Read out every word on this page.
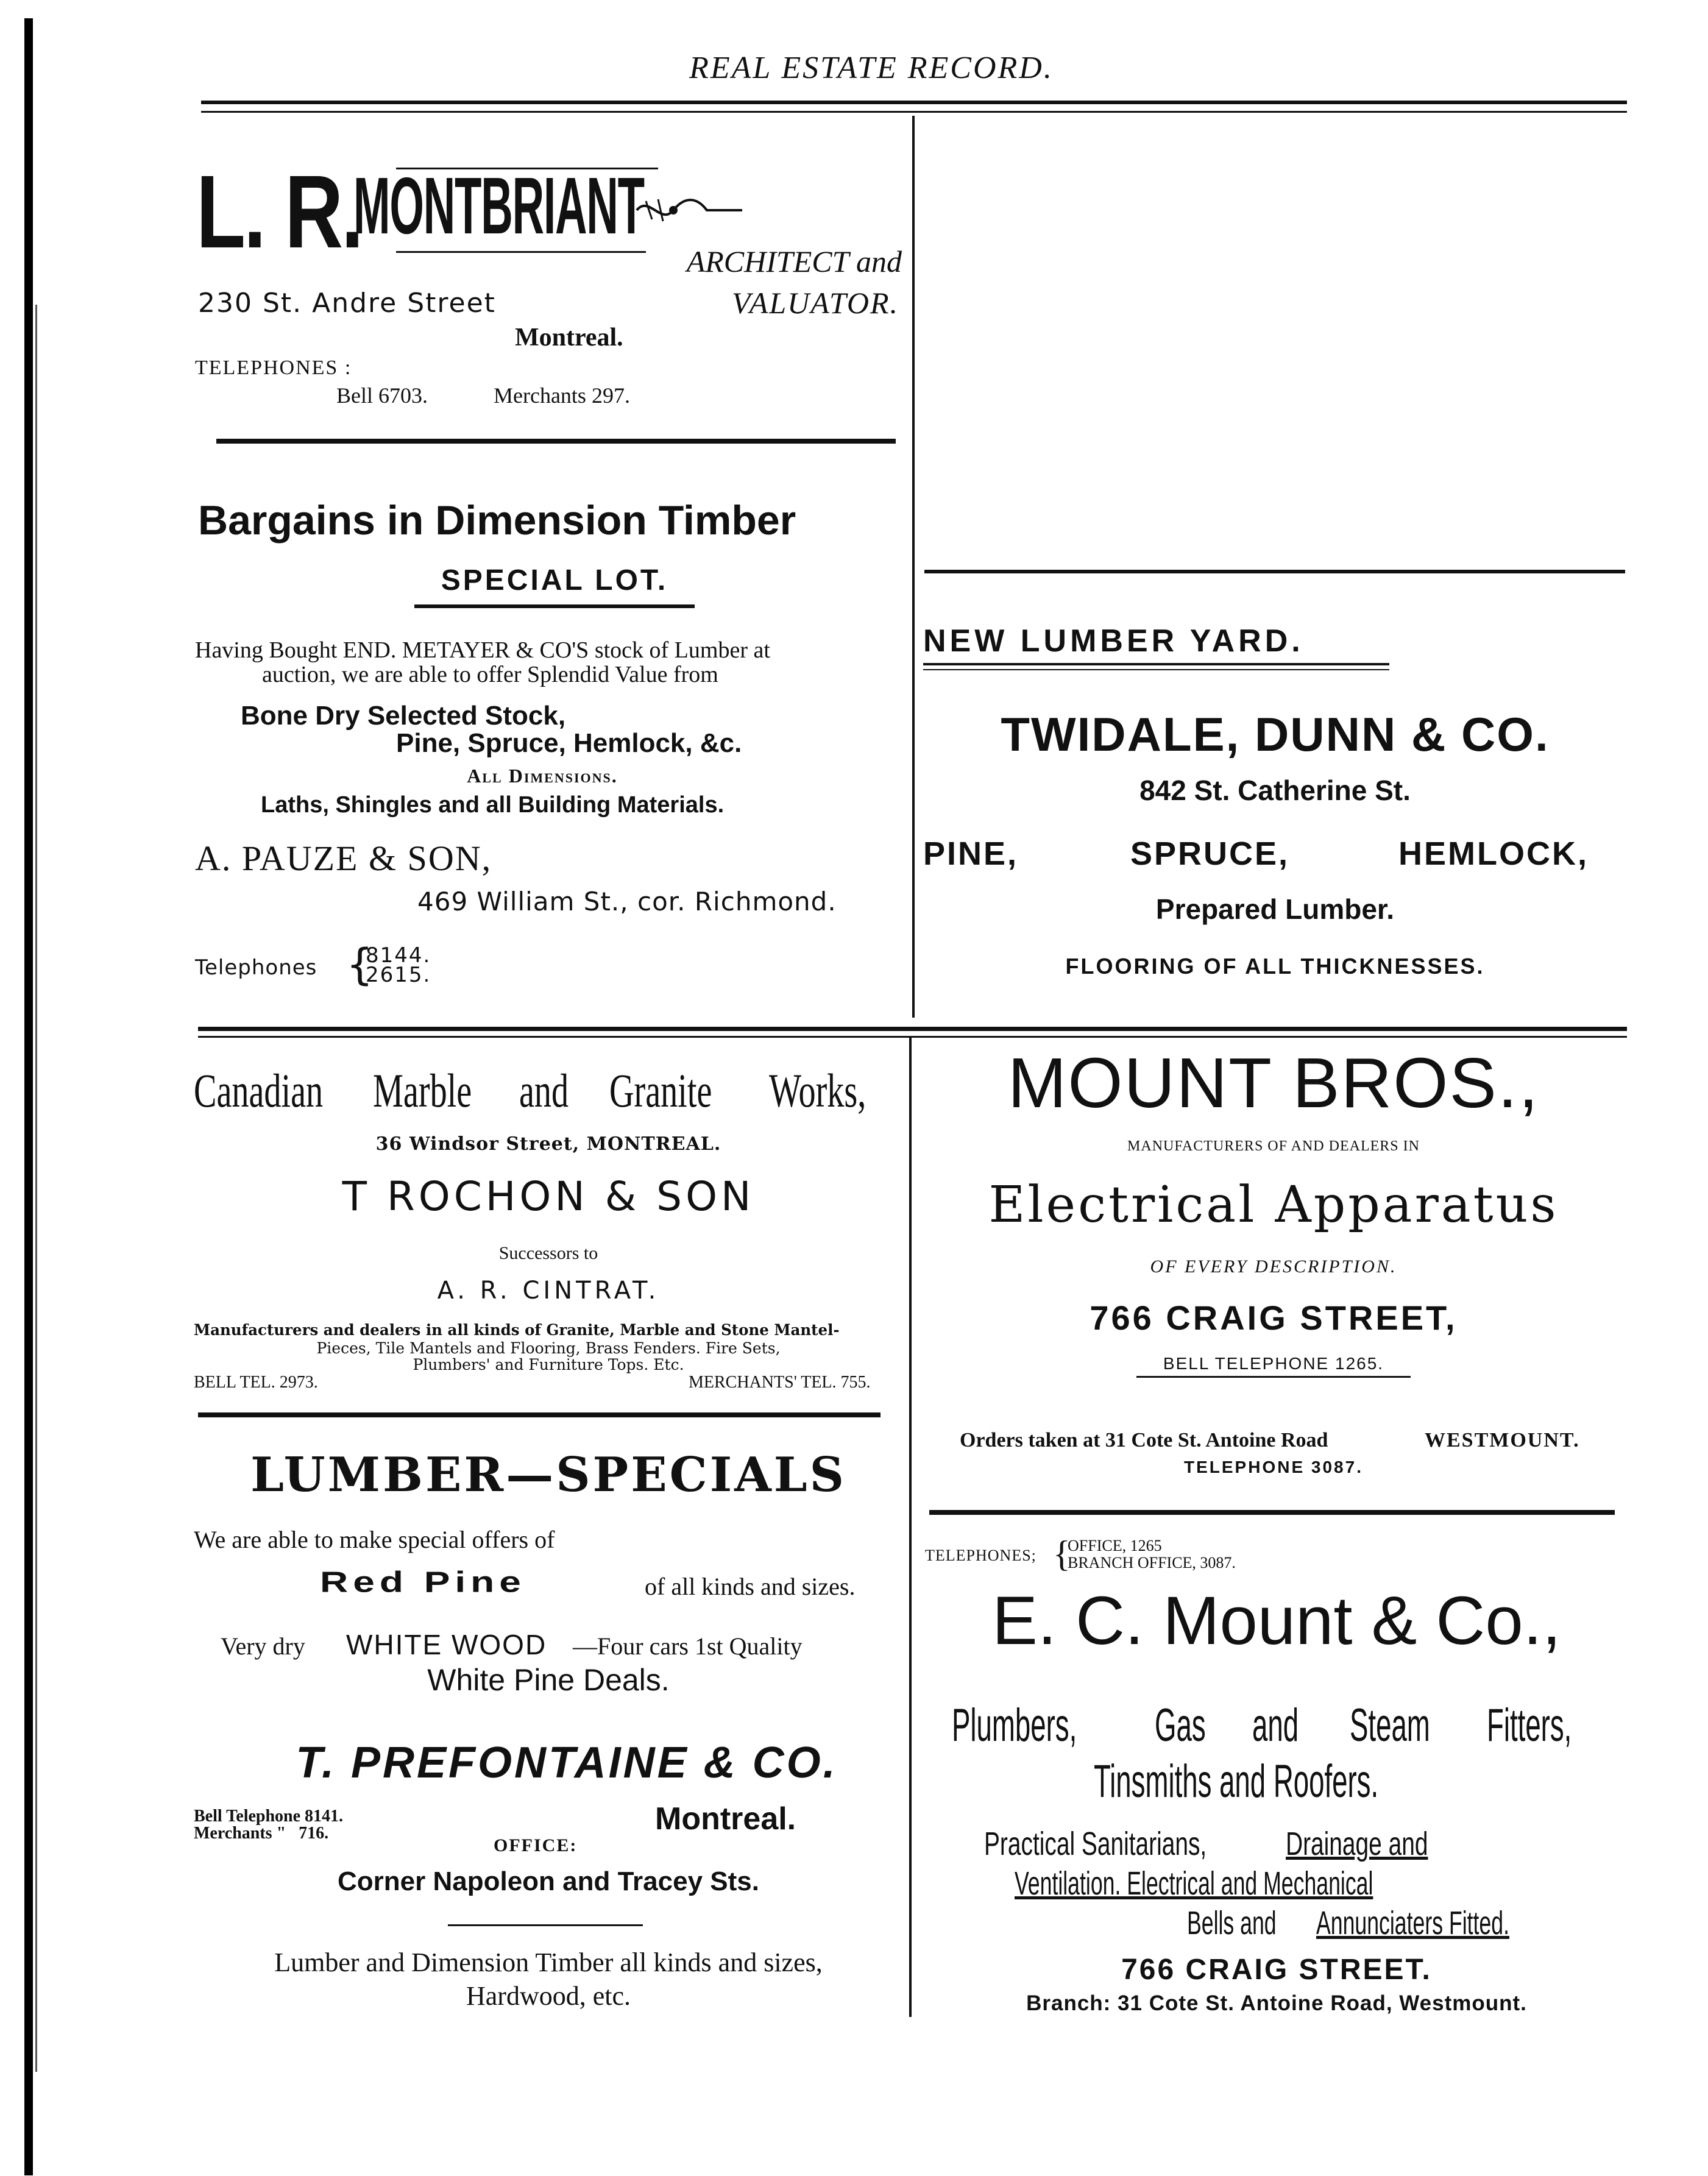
REAL ESTATE RECORD.
L. R.
MONTBRIANT
ARCHITECT and
VALUATOR.
230 St. Andre Street
Montreal.
TELEPHONES :
Bell 6703.	Merchants 297.
Bargains in Dimension Timber
SPECIAL LOT.
Having Bought END. METAYER & CO'S stock of Lumber at
auction, we are able to offer Splendid Value from
Bone Dry Selected Stock,
Pine, Spruce, Hemlock, &c.
All Dimensions.
Laths, Shingles and all Building Materials.
A. PAUZE & SON,
469 William St., cor. Richmond.
Telephones {
8144.
2615.
NEW LUMBER YARD.
TWIDALE, DUNN & CO.
842 St. Catherine St.
PINE,	SPRUCE,	HEMLOCK,
Prepared Lumber.
FLOORING OF ALL THICKNESSES.
Canadian Marble and Granite Works,
36 Windsor Street, MONTREAL.
T ROCHON & SON
Successors to
A. R. CINTRAT.
Manufacturers and dealers in all kinds of Granite, Marble and Stone Mantel-
Pieces, Tile Mantels and Flooring, Brass Fenders. Fire Sets,
Plumbers' and Furniture Tops. Etc.
BELL TEL. 2973.	MERCHANTS' TEL. 755.
MOUNT BROS.,
MANUFACTURERS OF AND DEALERS IN
Electrical Apparatus
OF EVERY DESCRIPTION.
766 CRAIG STREET,
BELL TELEPHONE 1265.
Orders taken at 31 Cote St. Antoine Road	WESTMOUNT.
TELEPHONE 3087.
LUMBER—SPECIALS
We are able to make special offers of
Red Pine	of all kinds and sizes.
Very dry WHITE WOOD —Four cars 1st Quality
White Pine Deals.
T. PREFONTAINE & CO.
Bell Telephone 8141.
Merchants "   716.
OFFICE:
Montreal.
Corner Napoleon and Tracey Sts.
Lumber and Dimension Timber all kinds and sizes,
Hardwood, etc.
TELEPHONES; {
OFFICE, 1265
BRANCH OFFICE, 3087.
E. C. Mount & Co.,
Plumbers, Gas and Steam Fitters,
Tinsmiths and Roofers.
Practical Sanitarians, Drainage and
Ventilation. Electrical and Mechanical
Bells and Annunciaters Fitted.
766 CRAIG STREET.
Branch: 31 Cote St. Antoine Road, Westmount.
